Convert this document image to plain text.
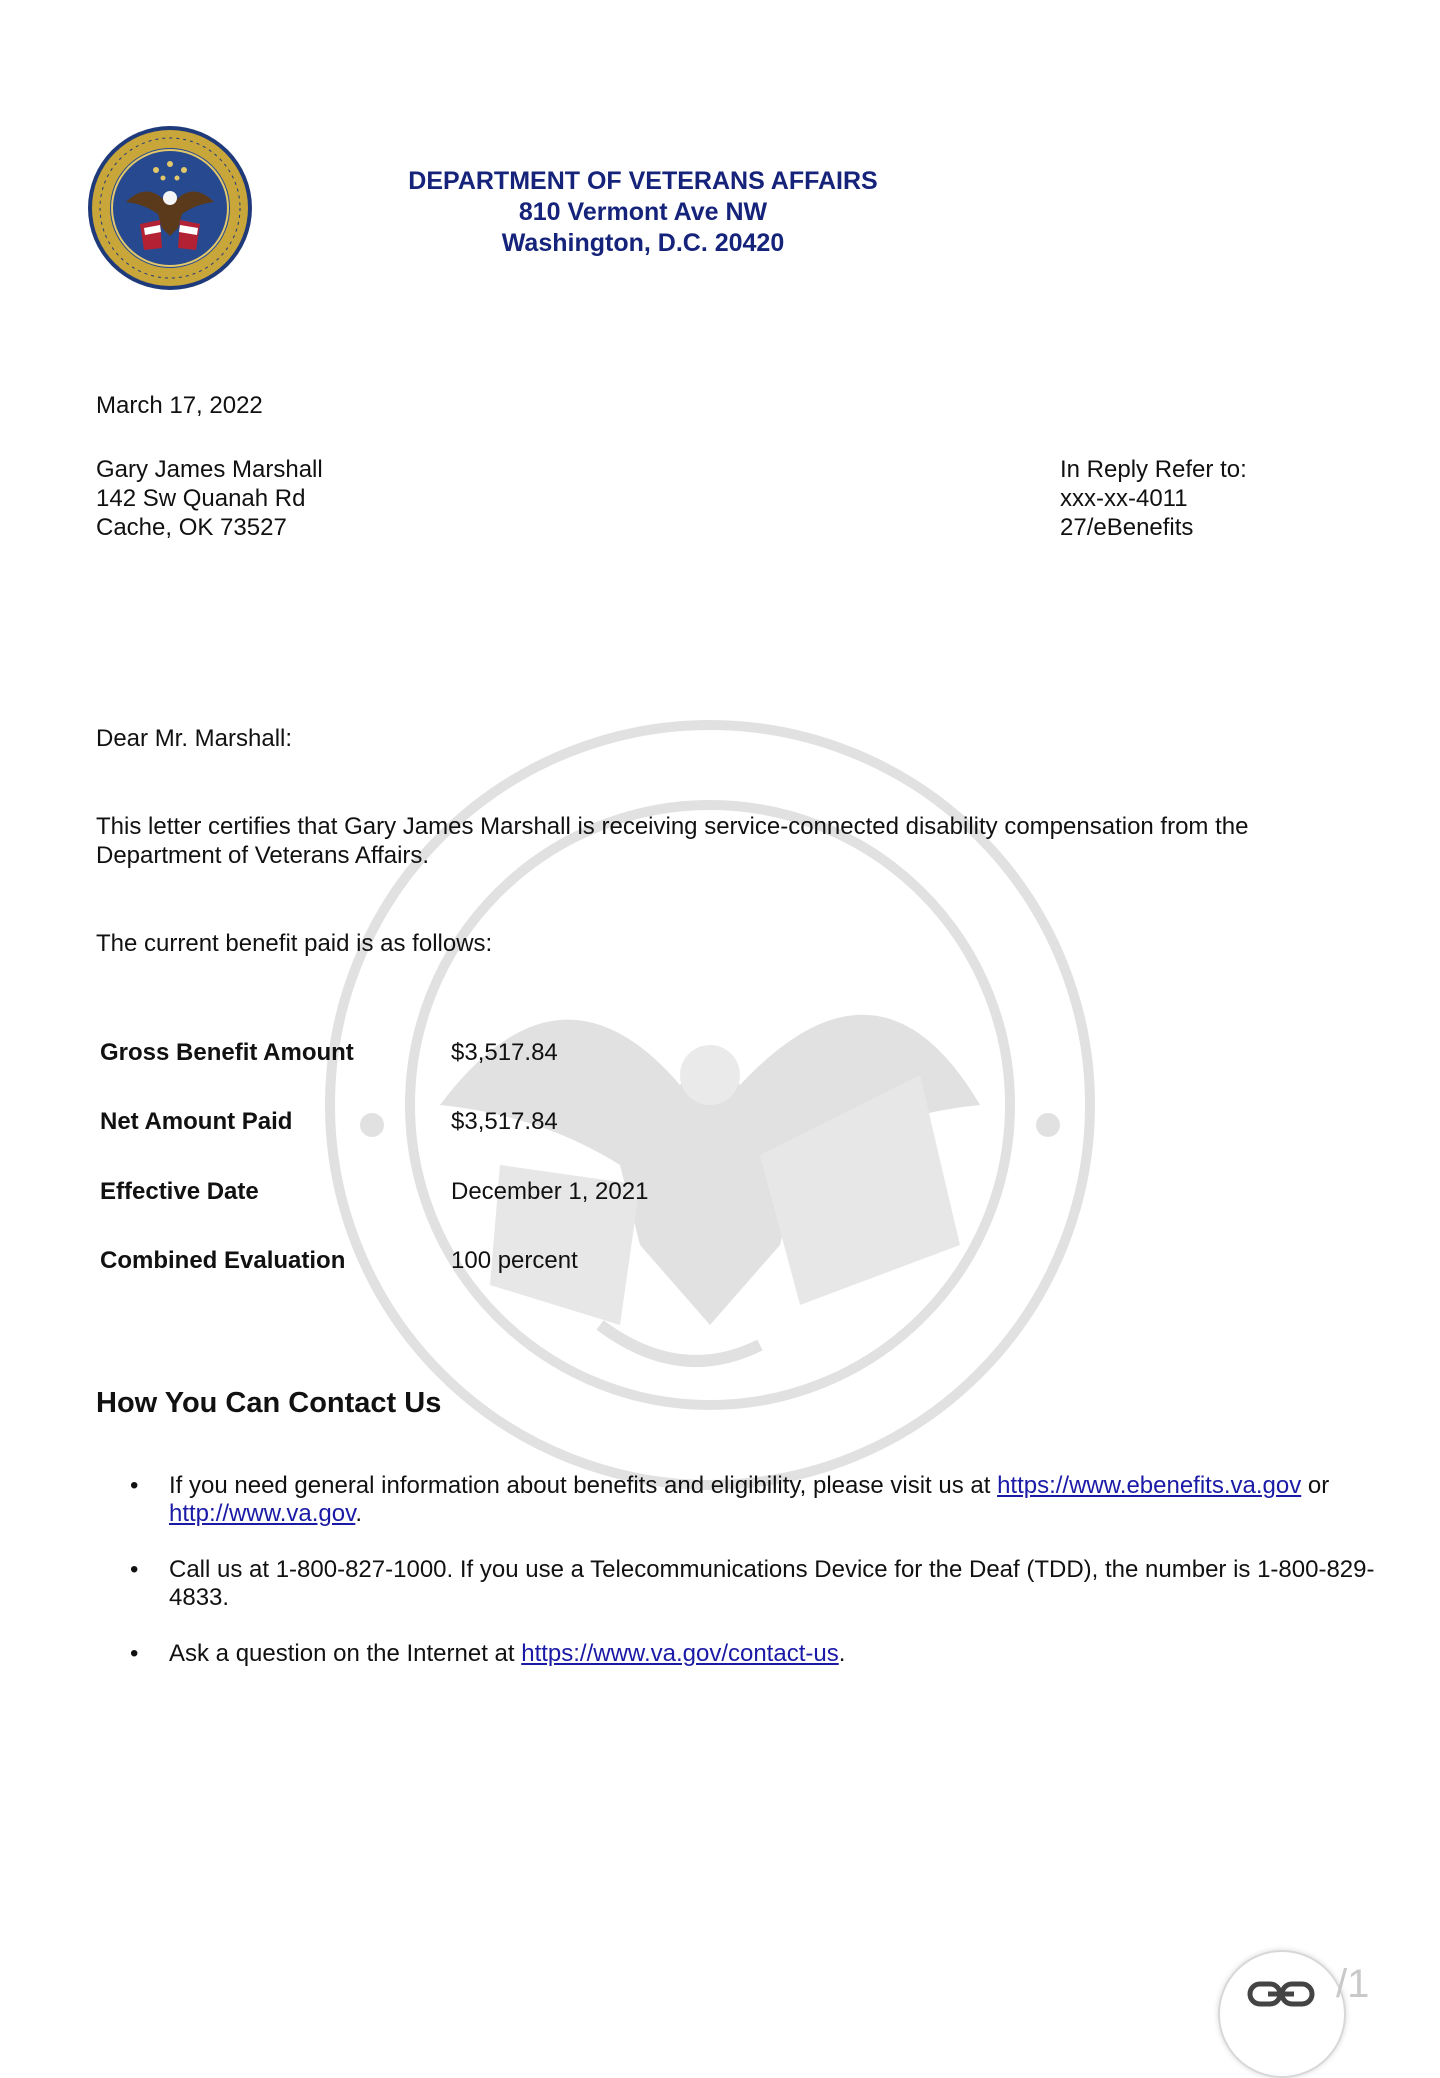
DEPARTMENT OF VETERANS AFFAIRS
810 Vermont Ave NW
Washington, D.C. 20420
March 17, 2022
Gary James Marshall
142 Sw Quanah Rd
Cache, OK 73527
In Reply Refer to:
xxx-xx-4011
27/eBenefits
Dear Mr. Marshall:
This letter certifies that Gary James Marshall is receiving service-connected disability compensation from the Department of Veterans Affairs.
The current benefit paid is as follows:
Gross Benefit Amount	$3,517.84
Net Amount Paid	$3,517.84
Effective Date	December 1, 2021
Combined Evaluation	100 percent
How You Can Contact Us
• If you need general information about benefits and eligibility, please visit us at https://www.ebenefits.va.gov or http://www.va.gov.
• Call us at 1-800-827-1000. If you use a Telecommunications Device for the Deaf (TDD), the number is 1-800-829-4833.
• Ask a question on the Internet at https://www.va.gov/contact-us.
/1
